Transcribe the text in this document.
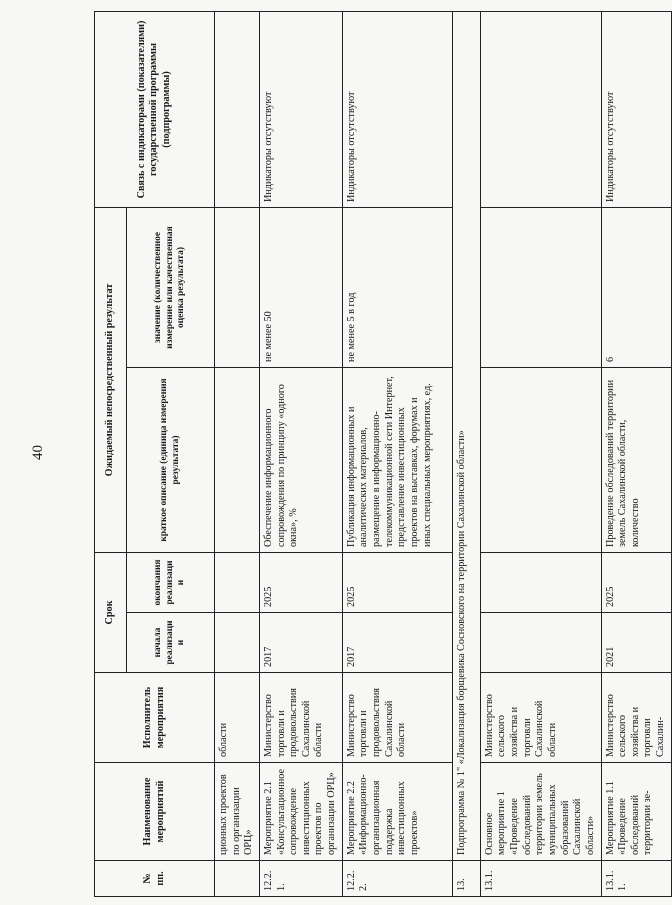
40
№ пп.	Наименование мероприятий	Исполнитель мероприятия	Срок		Ожидаемый непосредственный результат		Связь с индикаторами (показателями) государственной программы (подпрограммы)
			начала реализации	окончания реализации	краткое описание (единица измерения результата)	значение (количественное измерение или качественная оценка результата)	
	ционных проектов по организации ОРЦ»	области					
12.2.1.	Мероприятие 2.1 «Консультационное сопровождение инвестиционных проектов по организации ОРЦ»	Министерство торговли и продовольствия Сахалинской области	2017	2025	Обеспечение информационного сопровождения по принципу «одного окна», %	не менее 50	Индикаторы отсутствуют
12.2.2.	Мероприятие 2.2 «Информационно-организационная поддержка инвестиционных проектов»	Министерство торговли и продовольствия Сахалинской области	2017	2025	Публикация информационных и аналитических материалов, размещение в информационно-телекоммуникационной сети Интернет, представление инвестиционных проектов на выставках, форумах и иных специальных мероприятиях, ед.	не менее 5 в год	Индикаторы отсутствуют
13.	Подпрограмма № 1" «Локализация борщевика Сосновского на территории Сахалинской области»						
13.1.	Основное мероприятие 1 «Проведение обследований территории земель муниципальных образований Сахалинской области»	Министерство сельского хозяйства и торговли Сахалинской области					
13.1.1.	Мероприятие 1.1 «Проведение обследований территории зе-	Министерство сельского хозяйства и торговли Сахалин-	2021	2025	Проведение обследований территории земель Сахалинской области, количество	6	Индикаторы отсутствуют
